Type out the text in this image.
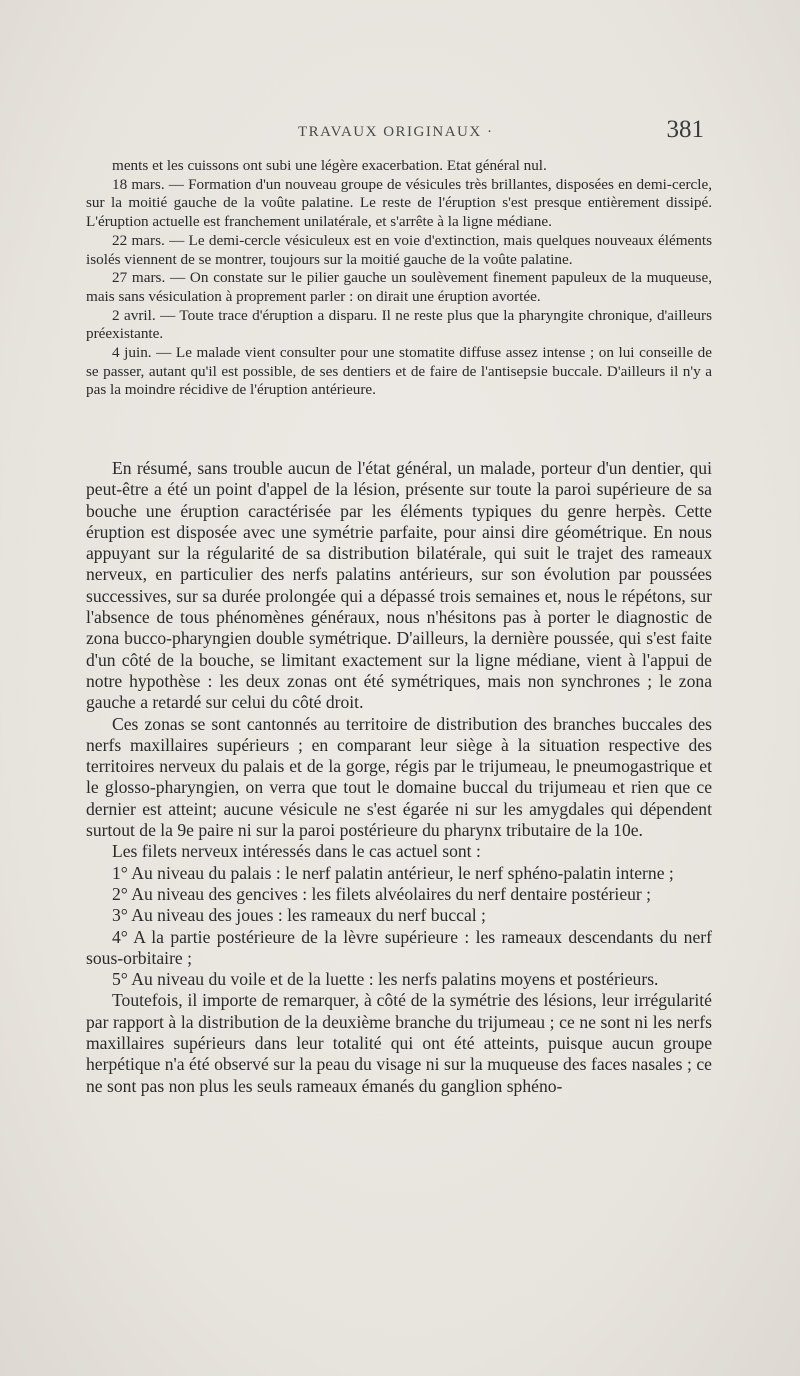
TRAVAUX ORIGINAUX ·	381

ments et les cuissons ont subi une légère exacerbation. Etat général nul.

18 mars. — Formation d'un nouveau groupe de vésicules très brillantes, disposées en demi-cercle, sur la moitié gauche de la voûte palatine. Le reste de l'éruption s'est presque entièrement dissipé. L'éruption actuelle est franchement unilatérale, et s'arrête à la ligne médiane.

22 mars. — Le demi-cercle vésiculeux est en voie d'extinction, mais quelques nouveaux éléments isolés viennent de se montrer, toujours sur la moitié gauche de la voûte palatine.

27 mars. — On constate sur le pilier gauche un soulèvement finement papuleux de la muqueuse, mais sans vésiculation à proprement parler : on dirait une éruption avortée.

2 avril. — Toute trace d'éruption a disparu. Il ne reste plus que la pharyngite chronique, d'ailleurs préexistante.

4 juin. — Le malade vient consulter pour une stomatite diffuse assez intense ; on lui conseille de se passer, autant qu'il est possible, de ses dentiers et de faire de l'antisepsie buccale. D'ailleurs il n'y a pas la moindre récidive de l'éruption antérieure.

En résumé, sans trouble aucun de l'état général, un malade, porteur d'un dentier, qui peut-être a été un point d'appel de la lésion, présente sur toute la paroi supérieure de sa bouche une éruption caractérisée par les éléments typiques du genre herpès. Cette éruption est disposée avec une symétrie parfaite, pour ainsi dire géométrique. En nous appuyant sur la régularité de sa distribution bilatérale, qui suit le trajet des rameaux nerveux, en particulier des nerfs palatins antérieurs, sur son évolution par poussées successives, sur sa durée prolongée qui a dépassé trois semaines et, nous le répétons, sur l'absence de tous phénomènes généraux, nous n'hésitons pas à porter le diagnostic de zona bucco-pharyngien double symétrique. D'ailleurs, la dernière poussée, qui s'est faite d'un côté de la bouche, se limitant exactement sur la ligne médiane, vient à l'appui de notre hypothèse : les deux zonas ont été symétriques, mais non synchrones ; le zona gauche a retardé sur celui du côté droit.

Ces zonas se sont cantonnés au territoire de distribution des branches buccales des nerfs maxillaires supérieurs ; en comparant leur siège à la situation respective des territoires nerveux du palais et de la gorge, régis par le trijumeau, le pneumogastrique et le glosso-pharyngien, on verra que tout le domaine buccal du trijumeau et rien que ce dernier est atteint; aucune vésicule ne s'est égarée ni sur les amygdales qui dépendent surtout de la 9e paire ni sur la paroi postérieure du pharynx tributaire de la 10e.

Les filets nerveux intéressés dans le cas actuel sont :

1° Au niveau du palais : le nerf palatin antérieur, le nerf sphéno-palatin interne ;

2° Au niveau des gencives : les filets alvéolaires du nerf dentaire postérieur ;

3° Au niveau des joues : les rameaux du nerf buccal ;

4° A la partie postérieure de la lèvre supérieure : les rameaux descendants du nerf sous-orbitaire ;

5° Au niveau du voile et de la luette : les nerfs palatins moyens et postérieurs.

Toutefois, il importe de remarquer, à côté de la symétrie des lésions, leur irrégularité par rapport à la distribution de la deuxième branche du trijumeau ; ce ne sont ni les nerfs maxillaires supérieurs dans leur totalité qui ont été atteints, puisque aucun groupe herpétique n'a été observé sur la peau du visage ni sur la muqueuse des faces nasales ; ce ne sont pas non plus les seuls rameaux émanés du ganglion sphéno-
